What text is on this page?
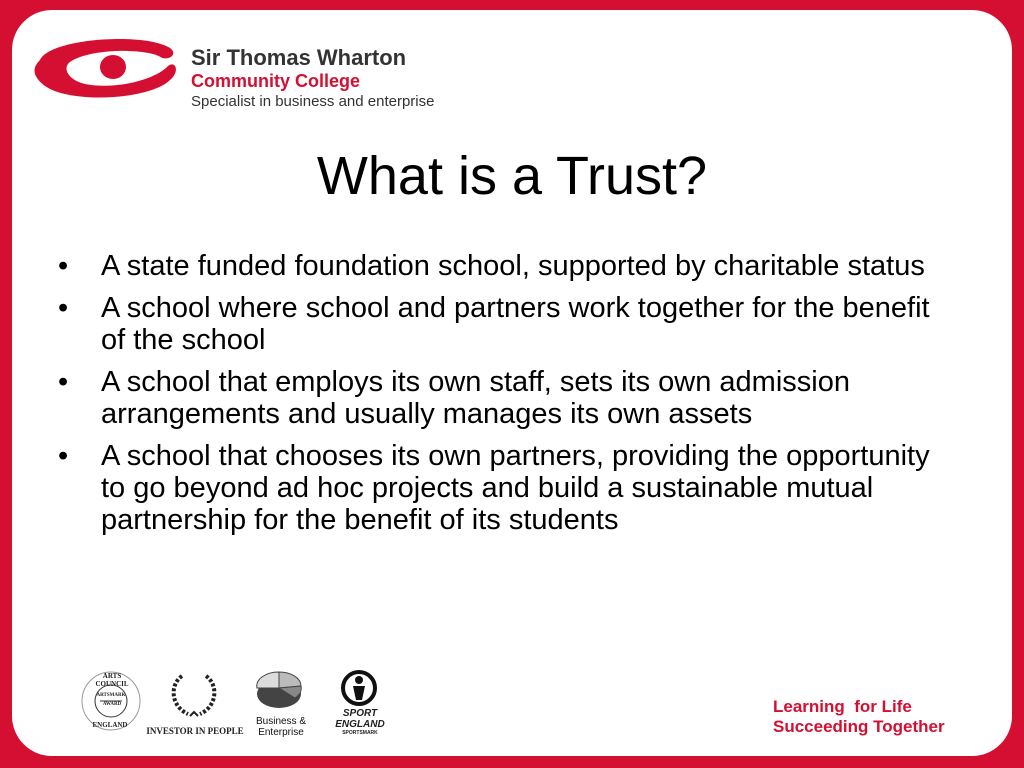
Sir Thomas Wharton
Community College
Specialist in business and enterprise
What is a Trust?
• A state funded foundation school, supported by charitable status
• A school where school and partners work together for the benefit of the school
• A school that employs its own staff, sets its own admission arrangements and usually manages its own assets
• A school that chooses its own partners, providing the opportunity to go beyond ad hoc projects and build a sustainable mutual partnership for the benefit of its students
ARTS COUNCIL
ARTSMARK
AWARD
ENGLAND
INVESTOR IN PEOPLE
Business &
Enterprise
SPORT
ENGLAND
SPORTSMARK
Learning  for Life
Succeeding Together
